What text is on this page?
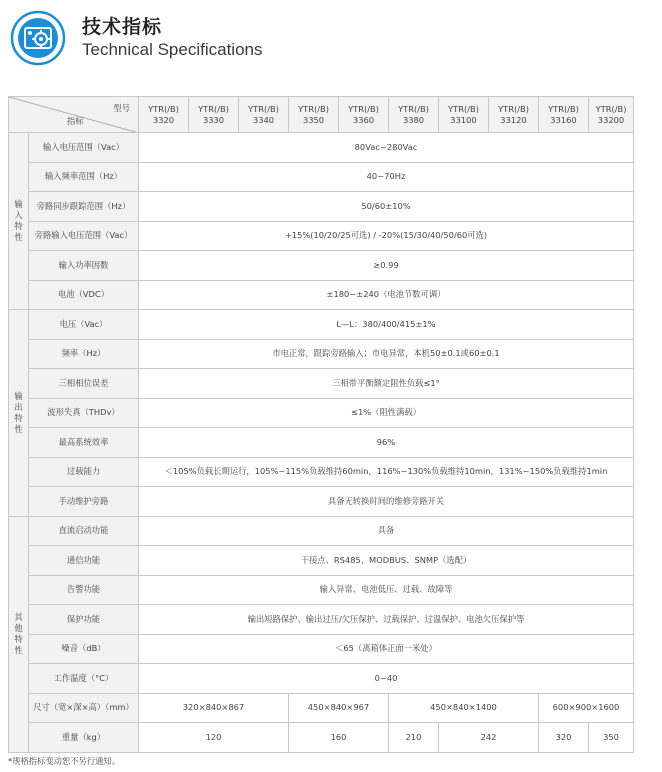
技术指标
Technical Specifications
型号
指标		YTR(/B) 3320	YTR(/B) 3330	YTR(/B) 3340	YTR(/B) 3350	YTR(/B) 3360	YTR(/B) 3380	YTR(/B) 33100	YTR(/B) 33120	YTR(/B) 33160	YTR(/B) 33200
输入特性	输入电压范围（Vac）	80Vac~280Vac									
	输入频率范围（Hz）	40~70Hz									
	旁路同步跟踪范围（Hz）	50/60±10%									
	旁路输入电压范围（Vac）	+15%(10/20/25可选) / -20%(15/30/40/50/60可选)									
	输入功率因数	≥0.99									
	电池（VDC）	±180~±240（电池节数可调）									
输出特性	电压（Vac）	L—L：380/400/415±1%									
	频率（Hz）	市电正常，跟踪旁路输入；市电异常，本机50±0.1或60±0.1									
	三相相位误差	三相带平衡额定阻性负载≤1°									
	波形失真（THDv）	≤1%（阻性满载）									
	最高系统效率	96%									
	过载能力	＜105%负载长期运行，105%~115%负载维持60min，116%~130%负载维持10min，131%~150%负载维持1min									
	手动维护旁路	具备无转换时间的维修旁路开关									
其他特性	直流启动功能	具备									
	通信功能	干接点、RS485、MODBUS、SNMP（选配）									
	告警功能	输入异常、电池低压、过载、故障等									
	保护功能	输出短路保护、输出过压/欠压保护、过载保护、过温保护、电池欠压保护等									
	噪音（dB）	＜65（离箱体正面一米处）									
	工作温度（°C）	0~40									
	尺寸（宽×深×高）（mm）	320×840×867			450×840×967		450×840×1400			600×900×1600	
	重量（kg）	120			160		210	242		320	350
*规格指标变动恕不另行通知。
